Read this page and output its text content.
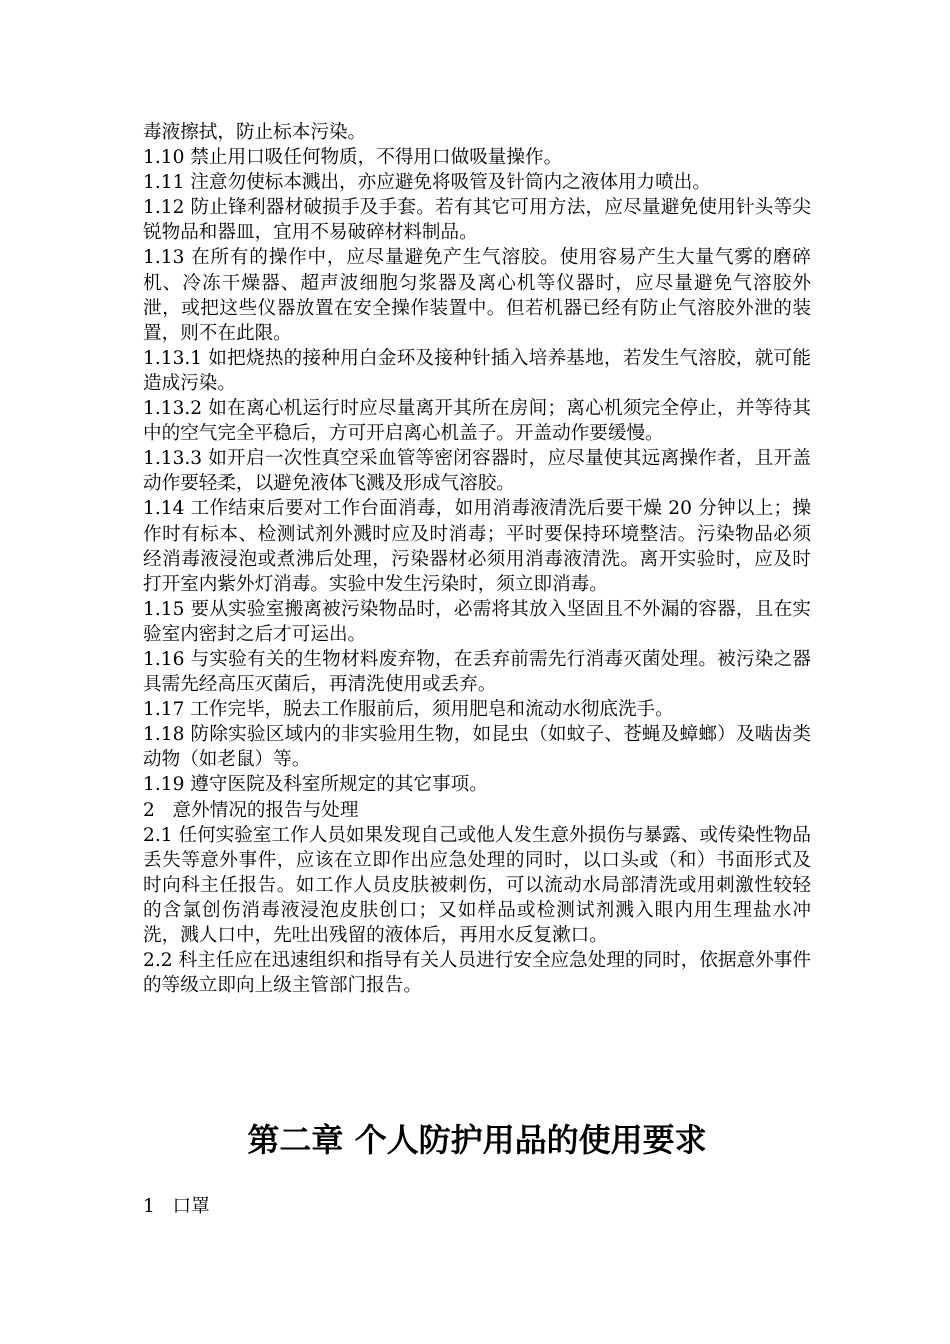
毒液擦拭，防止标本污染。

1.10 禁止用口吸任何物质，不得用口做吸量操作。

1.11 注意勿使标本溅出，亦应避免将吸管及针筒内之液体用力喷出。

1.12 防止锋利器材破损手及手套。若有其它可用方法，应尽量避免使用针头等尖锐物品和器皿，宜用不易破碎材料制品。

1.13 在所有的操作中，应尽量避免产生气溶胶。使用容易产生大量气雾的磨碎机、冷冻干燥器、超声波细胞匀浆器及离心机等仪器时，应尽量避免气溶胶外泄，或把这些仪器放置在安全操作装置中。但若机器已经有防止气溶胶外泄的装置，则不在此限。

1.13.1 如把烧热的接种用白金环及接种针插入培养基地，若发生气溶胶，就可能造成污染。

1.13.2 如在离心机运行时应尽量离开其所在房间；离心机须完全停止，并等待其中的空气完全平稳后，方可开启离心机盖子。开盖动作要缓慢。

1.13.3 如开启一次性真空采血管等密闭容器时，应尽量使其远离操作者，且开盖动作要轻柔，以避免液体飞溅及形成气溶胶。

1.14 工作结束后要对工作台面消毒，如用消毒液清洗后要干燥 20 分钟以上；操作时有标本、检测试剂外溅时应及时消毒；平时要保持环境整洁。污染物品必须经消毒液浸泡或煮沸后处理，污染器材必须用消毒液清洗。离开实验时，应及时打开室内紫外灯消毒。实验中发生污染时，须立即消毒。

1.15 要从实验室搬离被污染物品时，必需将其放入坚固且不外漏的容器，且在实验室内密封之后才可运出。

1.16 与实验有关的生物材料废弃物，在丢弃前需先行消毒灭菌处理。被污染之器具需先经高压灭菌后，再清洗使用或丢弃。

1.17 工作完毕，脱去工作服前后，须用肥皂和流动水彻底洗手。

1.18 防除实验区域内的非实验用生物，如昆虫（如蚊子、苍蝇及蟑螂）及啮齿类动物（如老鼠）等。

1.19 遵守医院及科室所规定的其它事项。

2   意外情况的报告与处理

2.1 任何实验室工作人员如果发现自己或他人发生意外损伤与暴露、或传染性物品丢失等意外事件，应该在立即作出应急处理的同时，以口头或（和）书面形式及时向科主任报告。如工作人员皮肤被刺伤，可以流动水局部清洗或用刺激性较轻的含氯创伤消毒液浸泡皮肤创口；又如样品或检测试剂溅入眼内用生理盐水冲洗，溅人口中，先吐出残留的液体后，再用水反复漱口。

2.2 科主任应在迅速组织和指导有关人员进行安全应急处理的同时，依据意外事件的等级立即向上级主管部门报告。

第二章 个人防护用品的使用要求

1   口罩
